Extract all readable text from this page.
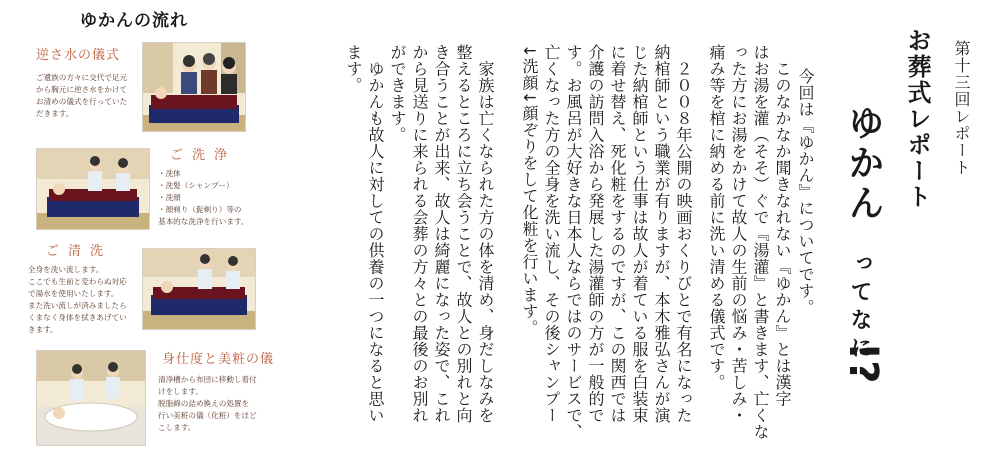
ゆかんの流れ
逆さ水の儀式
ご遺族の方々に交代で足元
から胸元に逆さ水をかけて
お清めの儀式を行っていた
だきます。
ご洗浄
・洗体
・洗髪（シャンプー）
・洗顔
・顔剃り（髭剃り）等の
基本的な洗浄を行います。
ご清洗
全身を洗い流します。
ここでも生前と変わらぬ対応
で湯水を使用いたします。
また洗い流しが済みましたら
くまなく身体を拭きあげてい
きます。
身仕度と美粧の儀
清浄槽から布団に移動し着付
けをします。
脱脂綿の詰め換えの処置を
行い美粧の儀（化粧）をほど
こします。
第十三回レポート
お葬式レポート
ゆかん
ってなに
!?
今回は『ゆかん』についてです。
　このなかなか聞きなれない『ゆかん』とは漢字
はお湯を灌（そそ）ぐで『湯灌』と書きます、亡くな
った方にお湯をかけて故人の生前の悩み・苦しみ・
痛み等を棺に納める前に洗い清める儀式です。
　２００８年公開の映画おくりびとで有名になった
納棺師という職業が有りますが、本木雅弘さんが演
じた納棺師という仕事は故人が着ている服を白装束
に着せ替え、死化粧をするのですが、この関西では
介護の訪問入浴から発展した湯灌師の方が一般的で
す。お風呂が大好きな日本人ならではのサービスで、
亡くなった方の全身を洗い流し、その後シャンプー
↓洗顔↓顔ぞりをして化粧を行います。
　家族は亡くなられた方の体を清め、身だしなみを
整えるところに立ち会うことで、故人との別れと向
き合うことが出来、故人は綺麗になった姿で、これ
から見送りに来られる会葬の方々との最後のお別れ
ができます。
　ゆかんも故人に対しての供養の一つになると思い
ます。
